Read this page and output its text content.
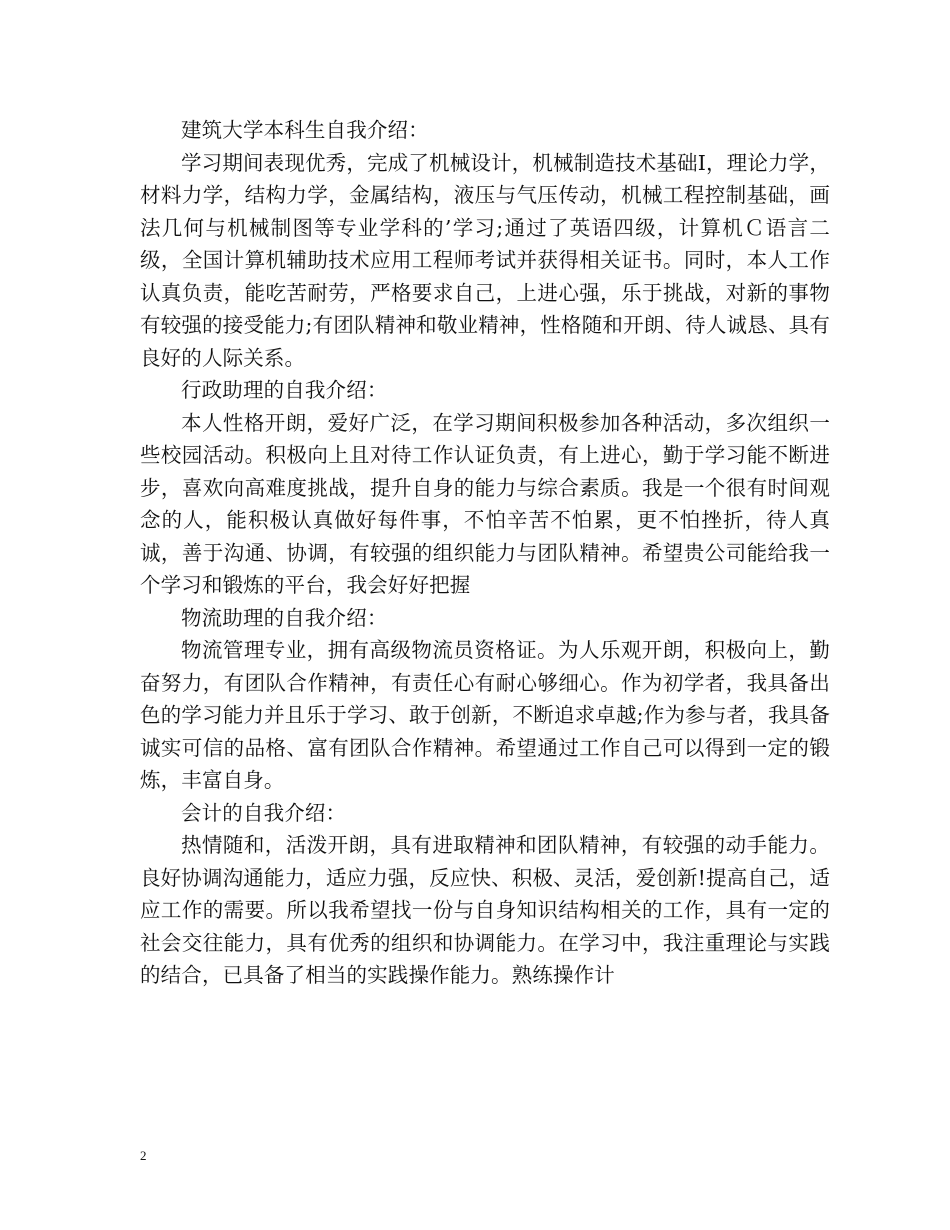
建筑大学本科生自我介绍：

学习期间表现优秀，完成了机械设计，机械制造技术基础Ⅰ，理论力学，材料力学，结构力学，金属结构，液压与气压传动，机械工程控制基础，画法几何与机械制图等专业学科的’学习;通过了英语四级，计算机Ｃ语言二级，全国计算机辅助技术应用工程师考试并获得相关证书。同时，本人工作认真负责，能吃苦耐劳，严格要求自己，上进心强，乐于挑战，对新的事物有较强的接受能力;有团队精神和敬业精神，性格随和开朗、待人诚恳、具有良好的人际关系。

行政助理的自我介绍：

本人性格开朗，爱好广泛，在学习期间积极参加各种活动，多次组织一些校园活动。积极向上且对待工作认证负责，有上进心，勤于学习能不断进步，喜欢向高难度挑战，提升自身的能力与综合素质。我是一个很有时间观念的人，能积极认真做好每件事，不怕辛苦不怕累，更不怕挫折，待人真诚，善于沟通、协调，有较强的组织能力与团队精神。希望贵公司能给我一个学习和锻炼的平台，我会好好把握

物流助理的自我介绍：

物流管理专业，拥有高级物流员资格证。为人乐观开朗，积极向上，勤奋努力，有团队合作精神，有责任心有耐心够细心。作为初学者，我具备出色的学习能力并且乐于学习、敢于创新，不断追求卓越;作为参与者，我具备诚实可信的品格、富有团队合作精神。希望通过工作自己可以得到一定的锻炼，丰富自身。

会计的自我介绍：

热情随和，活泼开朗，具有进取精神和团队精神，有较强的动手能力。良好协调沟通能力，适应力强，反应快、积极、灵活，爱创新!提高自己，适应工作的需要。所以我希望找一份与自身知识结构相关的工作，具有一定的社会交往能力，具有优秀的组织和协调能力。在学习中，我注重理论与实践的结合，已具备了相当的实践操作能力。熟练操作计

2
